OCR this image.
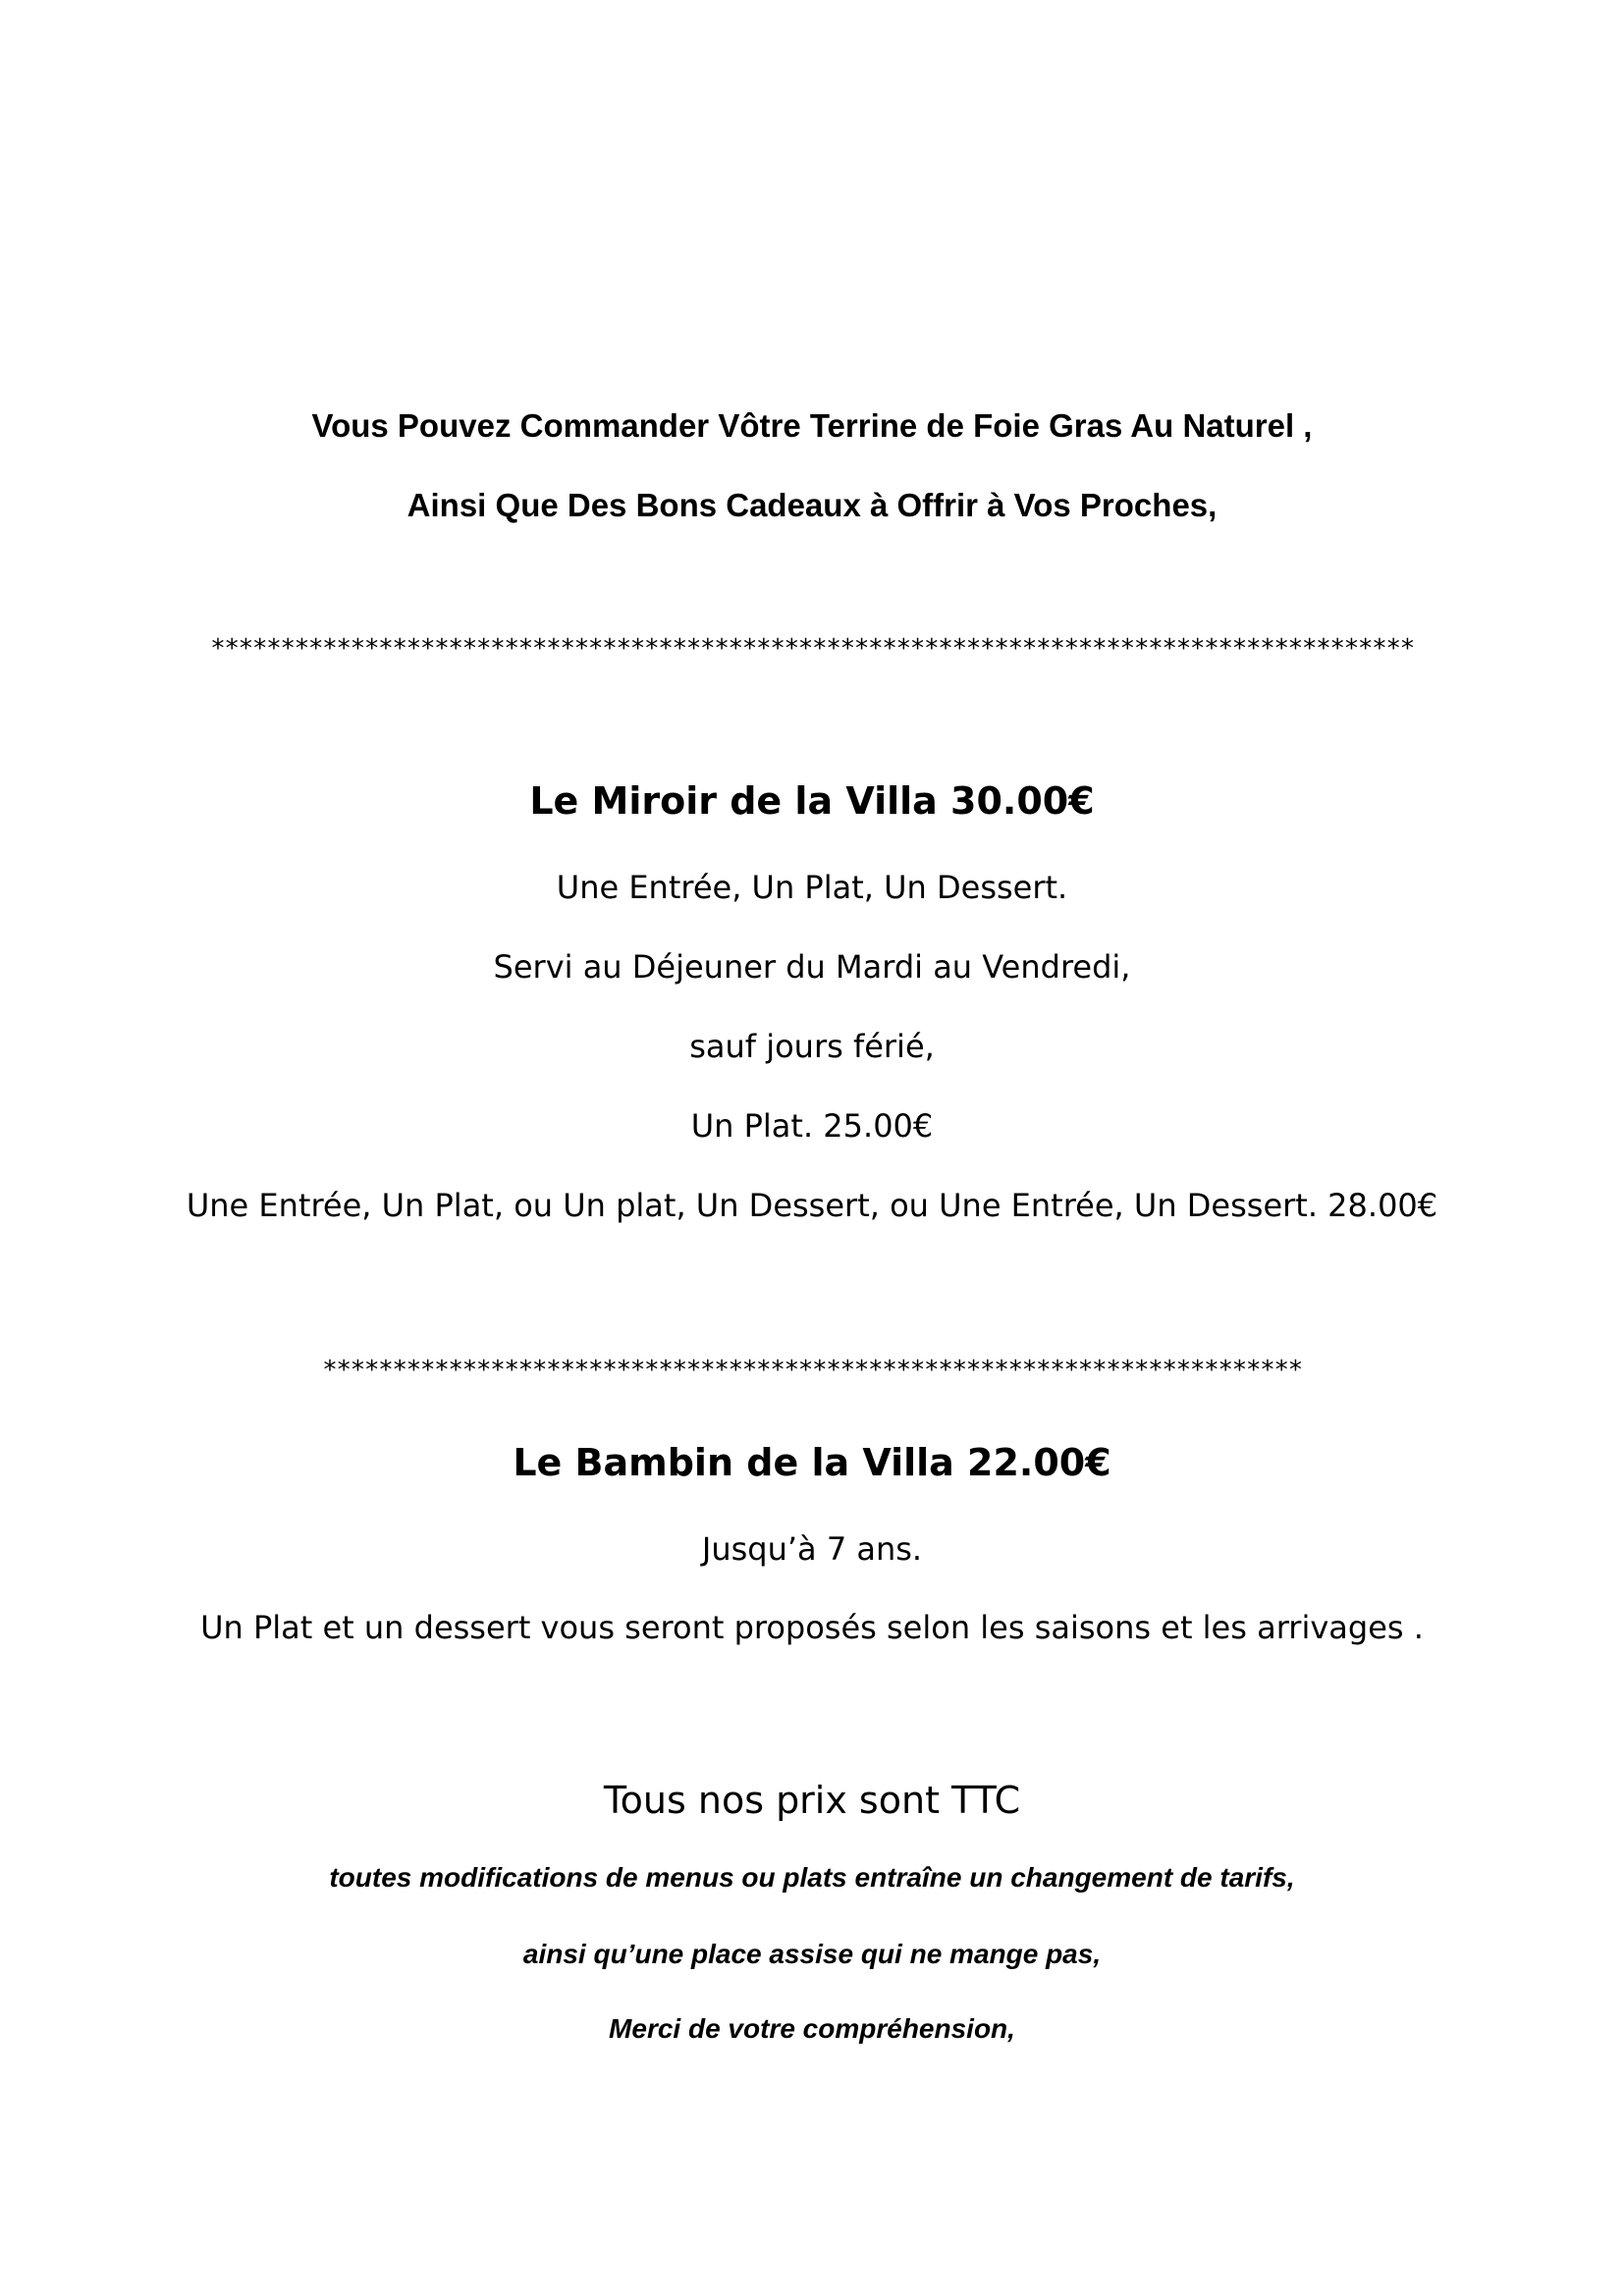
Vous Pouvez Commander Vôtre Terrine de Foie Gras Au Naturel ,
Ainsi Que Des Bons Cadeaux à Offrir à Vos Proches,
**************************************************************************************
Le Miroir de la Villa 30.00€
Une Entrée, Un Plat, Un Dessert.
Servi au Déjeuner du Mardi au Vendredi,
sauf jours férié,
Un Plat. 25.00€
Une Entrée, Un Plat, ou Un plat, Un Dessert, ou Une Entrée, Un Dessert. 28.00€
**********************************************************************
Le Bambin de la Villa 22.00€
Jusqu’à 7 ans.
Un Plat et un dessert vous seront proposés selon les saisons et les arrivages .
Tous nos prix sont TTC
toutes modifications de menus ou plats entraîne un changement de tarifs,
ainsi qu’une place assise qui ne mange pas,
Merci de votre compréhension,
